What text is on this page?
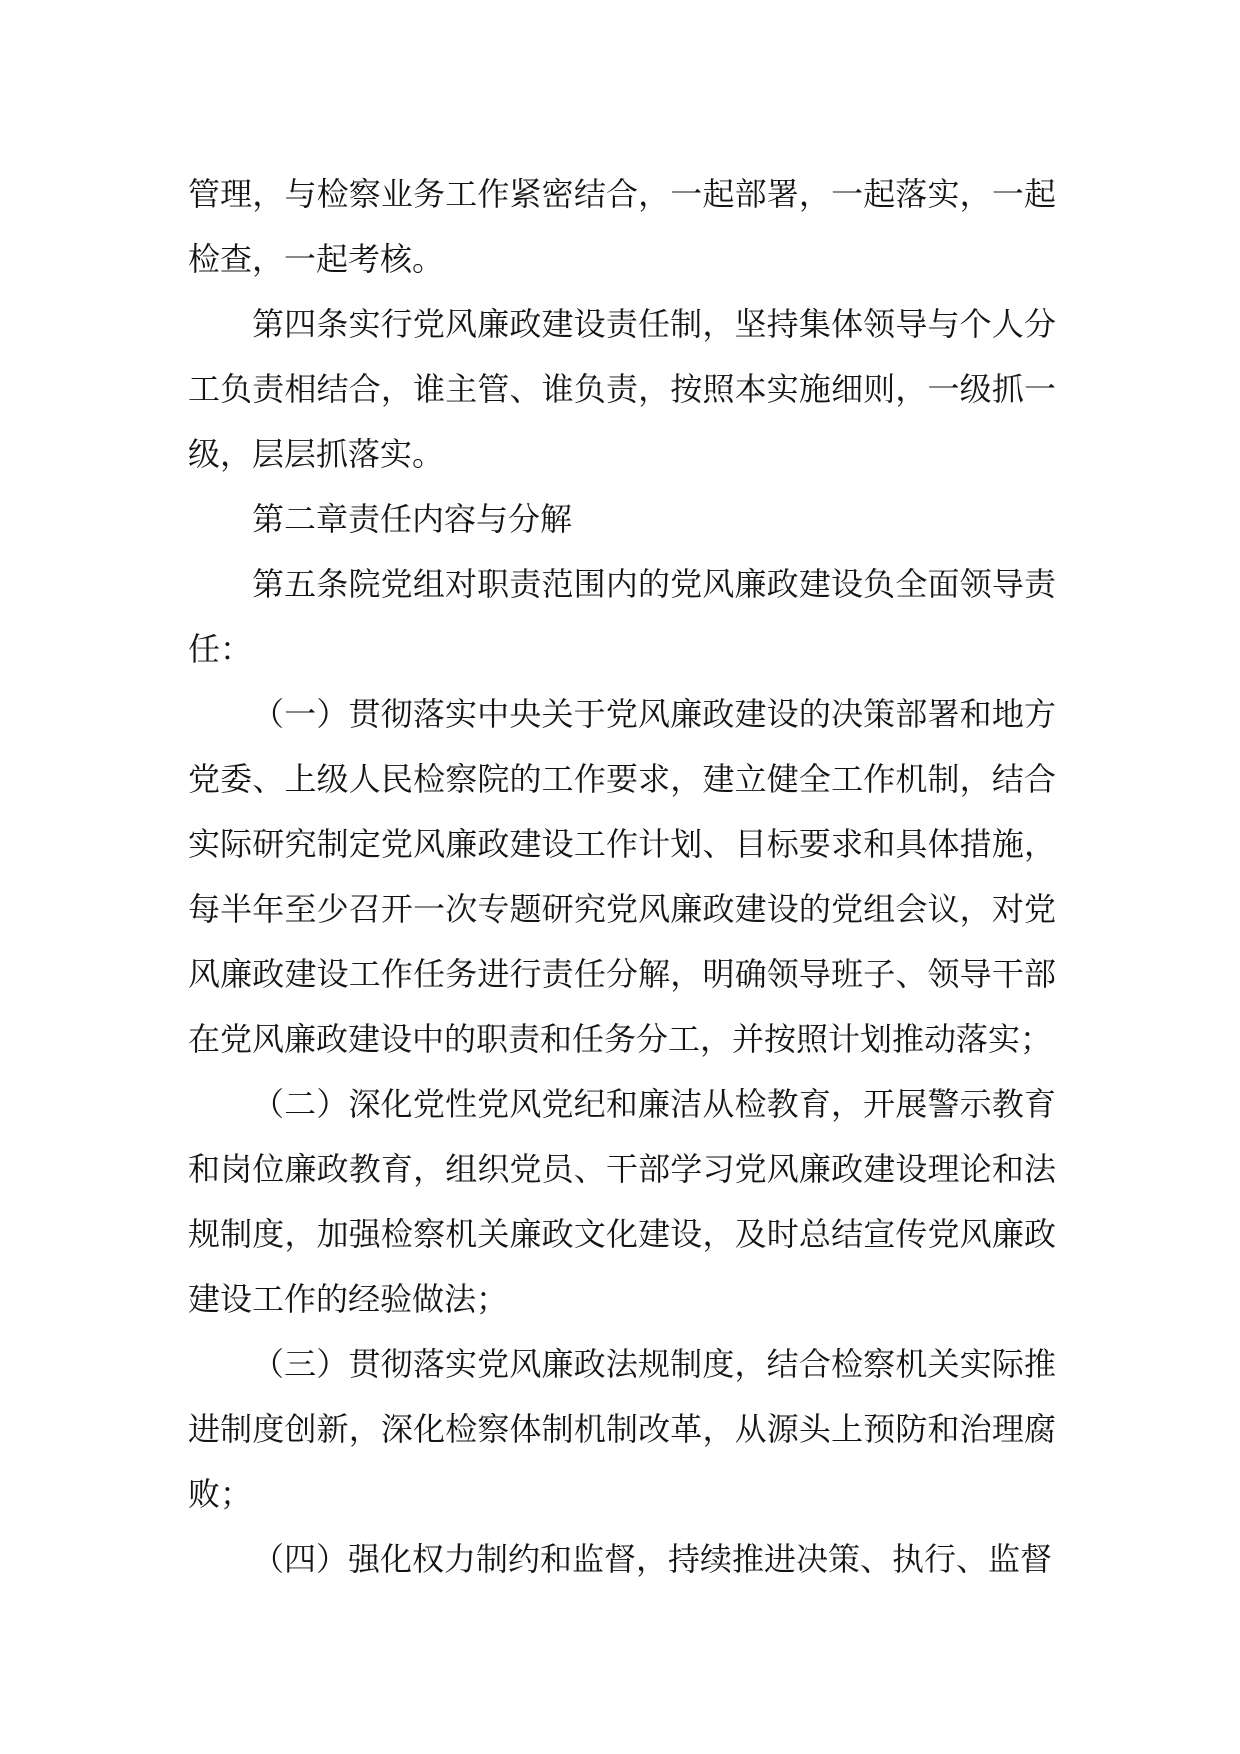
管理，与检察业务工作紧密结合，一起部署，一起落实，一起检查，一起考核。

第四条实行党风廉政建设责任制，坚持集体领导与个人分工负责相结合，谁主管、谁负责，按照本实施细则，一级抓一级，层层抓落实。

第二章责任内容与分解

第五条院党组对职责范围内的党风廉政建设负全面领导责任：

（一）贯彻落实中央关于党风廉政建设的决策部署和地方党委、上级人民检察院的工作要求，建立健全工作机制，结合实际研究制定党风廉政建设工作计划、目标要求和具体措施，每半年至少召开一次专题研究党风廉政建设的党组会议，对党风廉政建设工作任务进行责任分解，明确领导班子、领导干部在党风廉政建设中的职责和任务分工，并按照计划推动落实；

（二）深化党性党风党纪和廉洁从检教育，开展警示教育和岗位廉政教育，组织党员、干部学习党风廉政建设理论和法规制度，加强检察机关廉政文化建设，及时总结宣传党风廉政建设工作的经验做法；

（三）贯彻落实党风廉政法规制度，结合检察机关实际推进制度创新，深化检察体制机制改革，从源头上预防和治理腐败；

（四）强化权力制约和监督，持续推进决策、执行、监督
